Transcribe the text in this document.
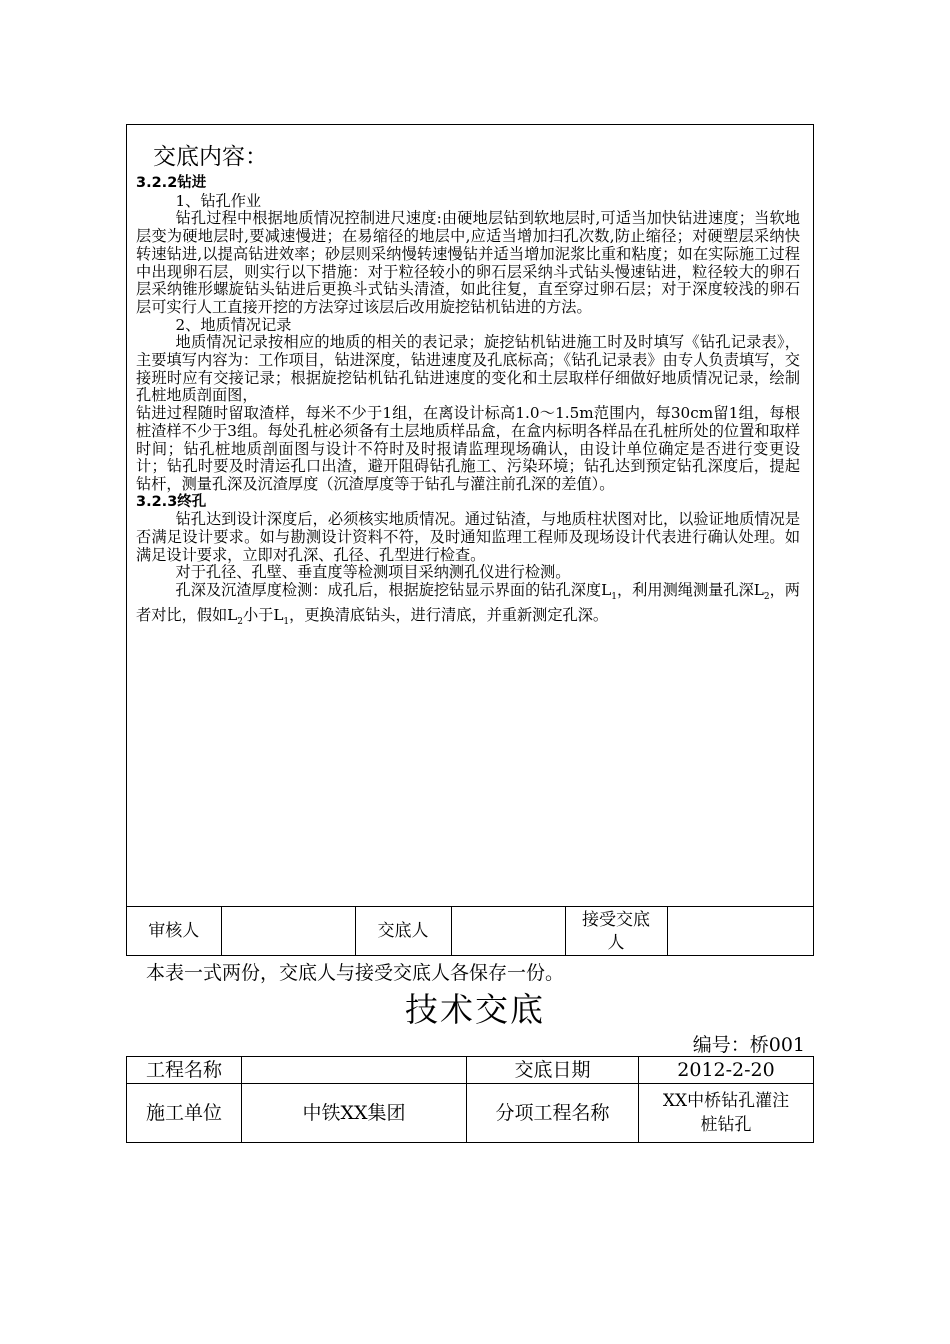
交底内容：

3.2.2钻进

1、钻孔作业

钻孔过程中根据地质情况控制进尺速度:由硬地层钻到软地层时,可适当加快钻进速度；当软地层变为硬地层时,要减速慢进；在易缩径的地层中,应适当增加扫孔次数,防止缩径；对硬塑层采纳快转速钻进,以提高钻进效率；砂层则采纳慢转速慢钻并适当增加泥浆比重和粘度；如在实际施工过程中出现卵石层，则实行以下措施：对于粒径较小的卵石层采纳斗式钻头慢速钻进，粒径较大的卵石层采纳锥形螺旋钻头钻进后更换斗式钻头清渣，如此往复，直至穿过卵石层；对于深度较浅的卵石层可实行人工直接开挖的方法穿过该层后改用旋挖钻机钻进的方法。

2、地质情况记录

地质情况记录按相应的地质的相关的表记录；旋挖钻机钻进施工时及时填写《钻孔记录表》，主要填写内容为：工作项目，钻进深度，钻进速度及孔底标高；《钻孔记录表》由专人负责填写，交接班时应有交接记录；根据旋挖钻机钻孔钻进速度的变化和土层取样仔细做好地质情况记录，绘制孔桩地质剖面图，

钻进过程随时留取渣样，每米不少于1组，在离设计标高1.0～1.5m范围内，每30cm留1组，每根桩渣样不少于3组。每处孔桩必须备有土层地质样品盒，在盒内标明各样品在孔桩所处的位置和取样时间；钻孔桩地质剖面图与设计不符时及时报请监理现场确认，由设计单位确定是否进行变更设计；钻孔时要及时清运孔口出渣，避开阻碍钻孔施工、污染环境；钻孔达到预定钻孔深度后，提起钻杆，测量孔深及沉渣厚度（沉渣厚度等于钻孔与灌注前孔深的差值）。

3.2.3终孔

钻孔达到设计深度后，必须核实地质情况。通过钻渣，与地质柱状图对比，以验证地质情况是否满足设计要求。如与勘测设计资料不符，及时通知监理工程师及现场设计代表进行确认处理。如满足设计要求，立即对孔深、孔径、孔型进行检查。

对于孔径、孔壁、垂直度等检测项目采纳测孔仪进行检测。

孔深及沉渣厚度检测：成孔后，根据旋挖钻显示界面的钻孔深度$L_1$，利用测绳测量孔深$L_2$，两者对比，假如$L_2$小于$L_1$，更换清底钻头，进行清底，并重新测定孔深。

审核人		交底人		接受交底
人	
本表一式两份，交底人与接受交底人各保存一份。
技术交底
编号：桥001
工程名称		交底日期	2012-2-20
施工单位	中铁XX集团	分项工程名称	XX中桥钻孔灌注
桩钻孔
